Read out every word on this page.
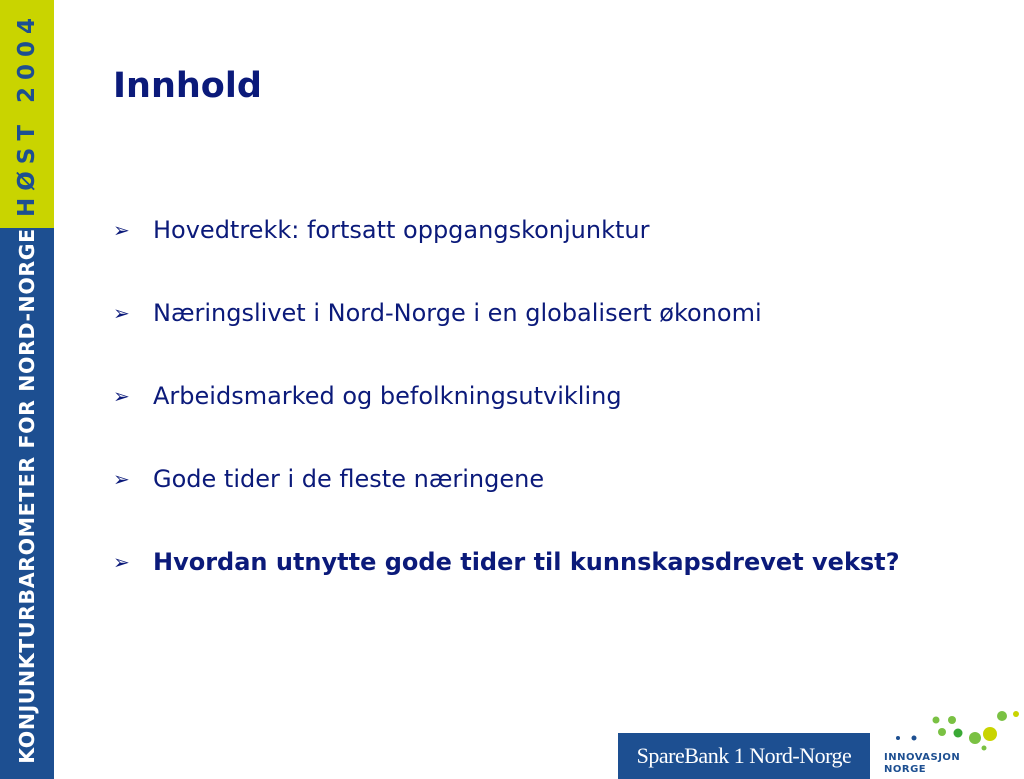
HØST 2004
KONJUNKTURBAROMETER FOR NORD-NORGE
Innhold
➢ Hovedtrekk: fortsatt oppgangskonjunktur
➢ Næringslivet i Nord-Norge i en globalisert økonomi
➢ Arbeidsmarked og befolkningsutvikling
➢ Gode tider i de fleste næringene
➢ Hvordan utnytte gode tider til kunnskapsdrevet vekst?
SpareBank 1 Nord-Norge	INNOVASJON
NORGE
